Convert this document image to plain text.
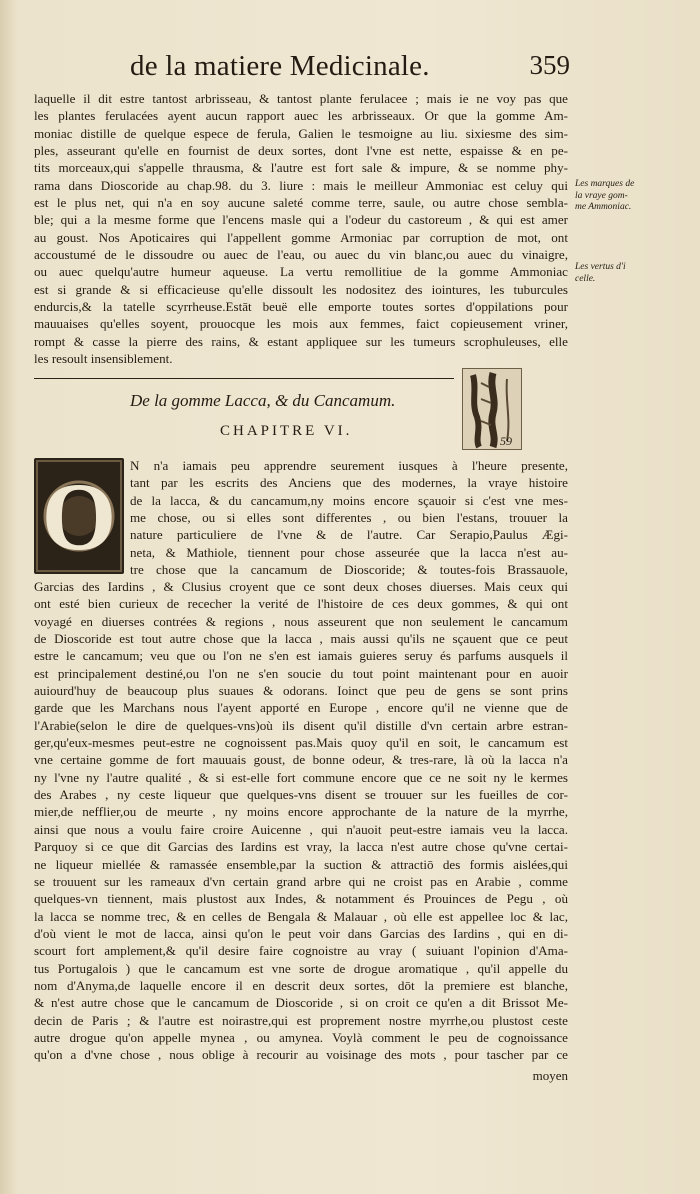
de la matiere Medicinale.	359
laquelle il dit estre tantost arbrisseau, & tantost plante ferulacee ; mais ie ne voy pas que
les plantes ferulacées ayent aucun rapport auec les arbrisseaux. Or que la gomme Am-
moniac distille de quelque espece de ferula, Galien le tesmoigne au liu. sixiesme des sim-
ples, asseurant qu'elle en fournist de deux sortes, dont l'vne est nette, espaisse & en pe-
tits morceaux,qui s'appelle thrausma, & l'autre est fort sale & impure, & se nomme phy-
rama dans Dioscoride au chap.98. du 3. liure : mais le meilleur Ammoniac est celuy qui
est le plus net, qui n'a en soy aucune saleté comme terre, saule, ou autre chose sembla-
ble; qui a la mesme forme que l'encens masle qui a l'odeur du castoreum , & qui est amer
au goust. Nos Apoticaires qui l'appellent gomme Armoniac par corruption de mot, ont
accoustumé de le dissoudre ou auec de l'eau, ou auec du vin blanc,ou auec du vinaigre,
ou auec quelqu'autre humeur aqueuse. La vertu remollitiue de la gomme Ammoniac
est si grande & si efficacieuse qu'elle dissoult les nodositez des iointures, les tuburcules
endurcis,& la tatelle scyrrheuse.Estāt beuë elle emporte toutes sortes d'oppilations pour
mauuaises qu'elles soyent, prouocque les mois aux femmes, faict copieusement vriner,
rompt & casse la pierre des rains, & estant appliquee sur les tumeurs scrophuleuses, elle
les resoult insensiblement.
Les marques de
la vraye gom-
me Ammoniac.
Les vertus d'i
celle.
De la gomme Lacca, & du Cancamum.
CHAPITRE VI.
59
O	N n'a iamais peu apprendre seurement iusques à l'heure presente,
tant par les escrits des Anciens que des modernes, la vraye histoire
de la lacca, & du cancamum,ny moins encore sçauoir si c'est vne mes-
me chose, ou si elles sont differentes , ou bien l'estans, trouuer la
nature particuliere de l'vne & de l'autre. Car Serapio,Paulus Ægi-
neta, & Mathiole, tiennent pour chose asseurée que la lacca n'est au-
tre chose que la cancamum de Dioscoride; & toutes-fois Brassauole,
Garcias des Iardins , & Clusius croyent que ce sont deux choses diuerses. Mais ceux qui
ont esté bien curieux de rececher la verité de l'histoire de ces deux gommes, & qui ont
voyagé en diuerses contrées & regions , nous asseurent que non seulement le cancamum
de Dioscoride est tout autre chose que la lacca , mais aussi qu'ils ne sçauent que ce peut
estre le cancamum; veu que ou l'on ne s'en est iamais guieres seruy és parfums ausquels il
est principalement destiné,ou l'on ne s'en soucie du tout point maintenant pour en auoir
auiourd'huy de beaucoup plus suaues & odorans. Ioinct que peu de gens se sont prins
garde que les Marchans nous l'ayent apporté en Europe , encore qu'il ne vienne que de
l'Arabie(selon le dire de quelques-vns)où ils disent qu'il distille d'vn certain arbre estran-
ger,qu'eux-mesmes peut-estre ne cognoissent pas.Mais quoy qu'il en soit, le cancamum est
vne certaine gomme de fort mauuais goust, de bonne odeur, & tres-rare, là où la lacca n'a
ny l'vne ny l'autre qualité , & si est-elle fort commune encore que ce ne soit ny le kermes
des Arabes , ny ceste liqueur que quelques-vns disent se trouuer sur les fueilles de cor-
mier,de nefflier,ou de meurte , ny moins encore approchante de la nature de la myrrhe,
ainsi que nous a voulu faire croire Auicenne , qui n'auoit peut-estre iamais veu la lacca.
Parquoy si ce que dit Garcias des Iardins est vray, la lacca n'est autre chose qu'vne certai-
ne liqueur miellée & ramassée ensemble,par la suction & attractiō des formis aislées,qui
se trouuent sur les rameaux d'vn certain grand arbre qui ne croist pas en Arabie , comme
quelques-vn tiennent, mais plustost aux Indes, & notamment és Prouinces de Pegu , où
la lacca se nomme trec, & en celles de Bengala & Malauar , où elle est appellee loc & lac,
d'où vient le mot de lacca, ainsi qu'on le peut voir dans Garcias des Iardins , qui en di-
scourt fort amplement,& qu'il desire faire cognoistre au vray ( suiuant l'opinion d'Ama-
tus Portugalois ) que le cancamum est vne sorte de drogue aromatique , qu'il appelle du
nom d'Anyma,de laquelle encore il en descrit deux sortes, dōt la premiere est blanche,
& n'est autre chose que le cancamum de Dioscoride , si on croit ce qu'en a dit Brissot Me-
decin de Paris ; & l'autre est noirastre,qui est proprement nostre myrrhe,ou plustost ceste
autre drogue qu'on appelle mynea , ou amynea. Voylà comment le peu de cognoissance
qu'on a d'vne chose , nous oblige à recourir au voisinage des mots , pour tascher par ce
moyen
